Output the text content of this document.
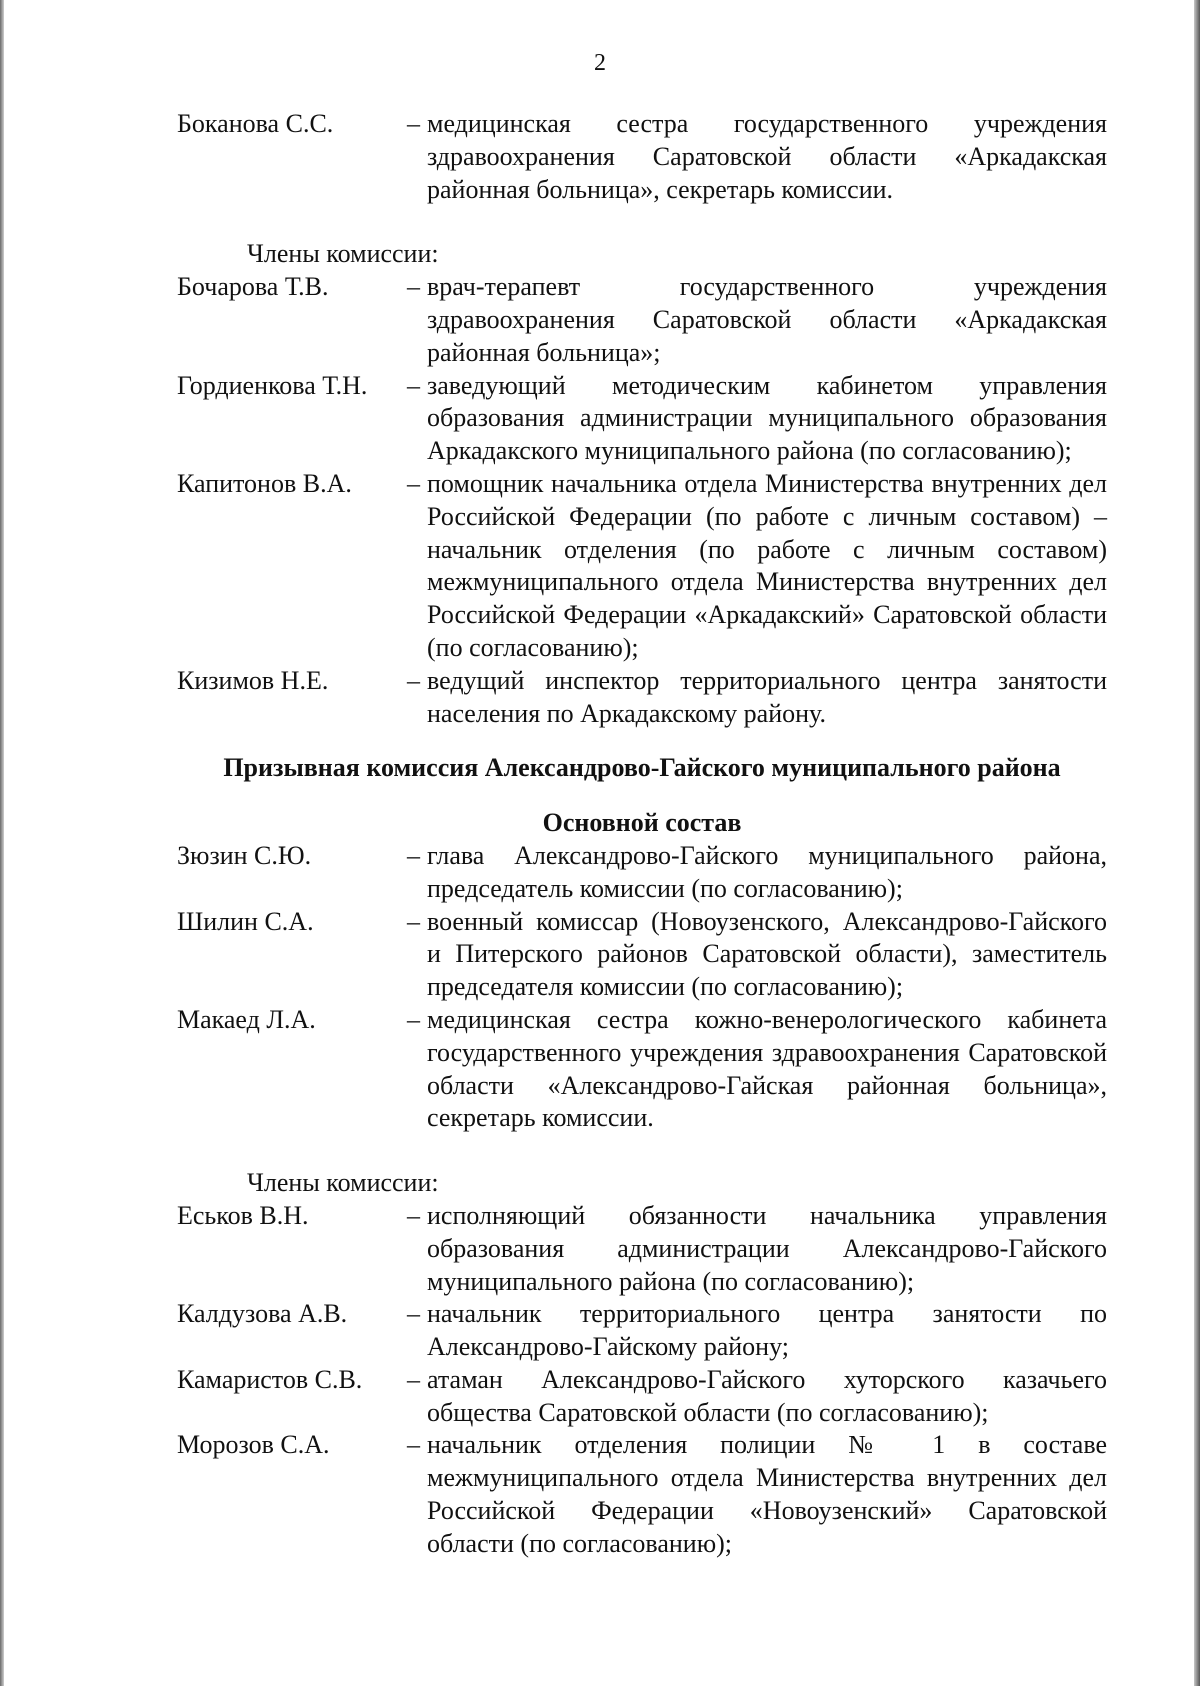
2
Боканова С.С.	– медицинская сестра государственного учреждения здравоохранения Саратовской области «Аркадакская районная больница», секретарь комиссии.
Члены комиссии:
Бочарова Т.В.	– врач-терапевт государственного учреждения здравоохранения Саратовской области «Аркадакская районная больница»;
Гордиенкова Т.Н.	– заведующий методическим кабинетом управления образования администрации муниципального образования Аркадакского муниципального района (по согласованию);
Капитонов В.А.	– помощник начальника отдела Министерства внутренних дел Российской Федерации (по работе с личным составом) – начальник отделения (по работе с личным составом) межмуниципального отдела Министерства внутренних дел Российской Федерации «Аркадакский» Саратовской области (по согласованию);
Кизимов Н.Е.	– ведущий инспектор территориального центра занятости населения по Аркадакскому району.
Призывная комиссия Александрово-Гайского муниципального района
Основной состав
Зюзин С.Ю.	– глава Александрово-Гайского муниципального района, председатель комиссии (по согласованию);
Шилин С.А.	– военный комиссар (Новоузенского, Александрово-Гайского и Питерского районов Саратовской области), заместитель председателя комиссии (по согласованию);
Макаед Л.А.	– медицинская сестра кожно-венерологического кабинета государственного учреждения здравоохранения Саратовской области «Александрово-Гайская районная больница», секретарь комиссии.
Члены комиссии:
Еськов В.Н.	– исполняющий обязанности начальника управления образования администрации Александрово-Гайского муниципального района (по согласованию);
Калдузова А.В.	– начальник территориального центра занятости по Александрово-Гайскому району;
Камаристов С.В.	– атаман Александрово-Гайского хуторского казачьего общества Саратовской области (по согласованию);
Морозов С.А.	– начальник отделения полиции № 1 в составе межмуниципального отдела Министерства внутренних дел Российской Федерации «Новоузенский» Саратовской области (по согласованию);
